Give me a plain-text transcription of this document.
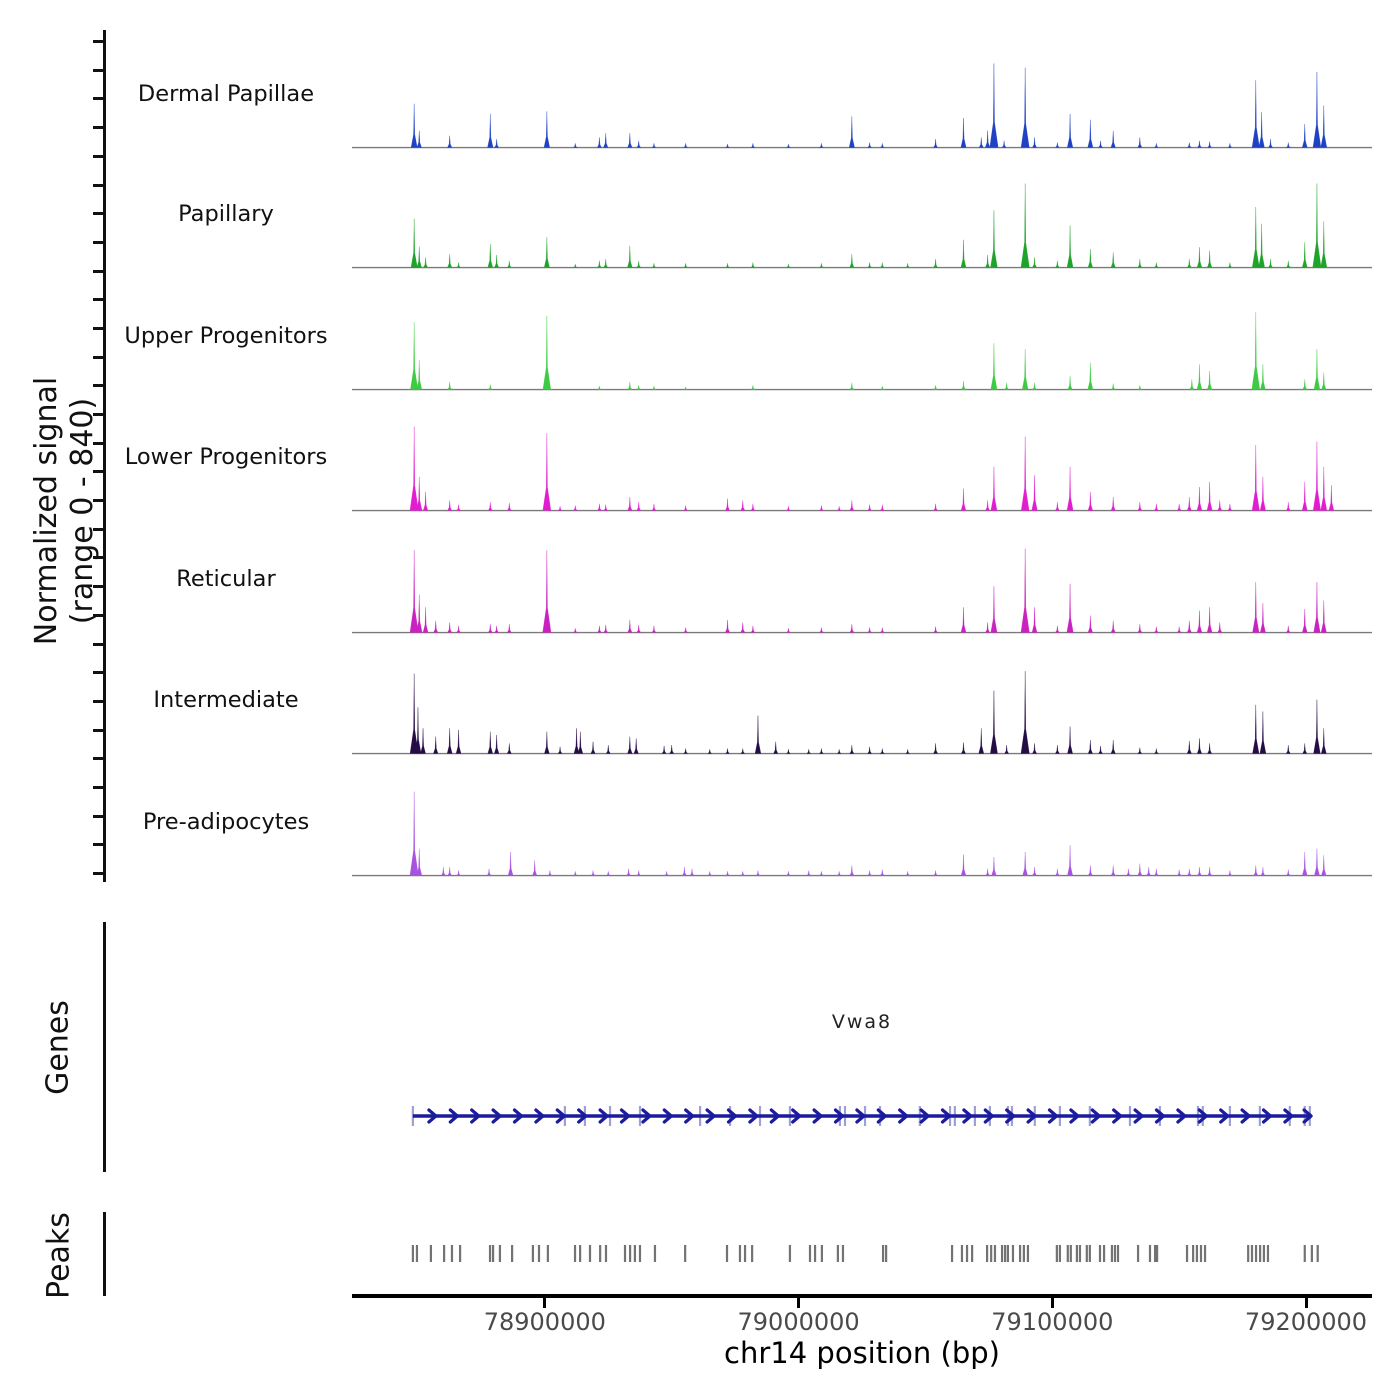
Normalized signal (range 0 - 840)
Dermal Papillae
Papillary
Upper Progenitors
Lower Progenitors
Reticular
Intermediate
Pre-adipocytes
Genes	Vwa8
Peaks
78900000	79000000	79100000	79200000
chr14 position (bp)
